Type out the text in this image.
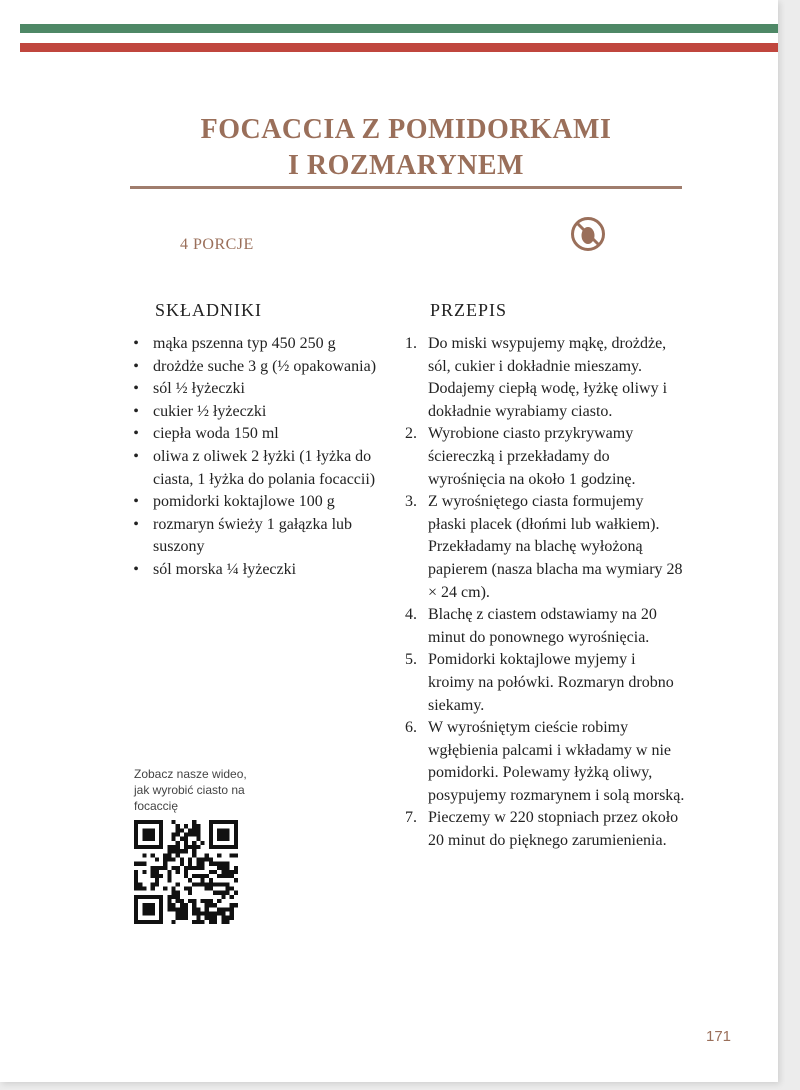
FOCACCIA Z POMIDORKAMI
I ROZMARYNEM
4 PORCJE
SKŁADNIKI	PRZEPIS
• mąka pszenna typ 450 250 g
• drożdże suche 3 g (½ opakowania)
• sól ½ łyżeczki
• cukier ½ łyżeczki
• ciepła woda 150 ml
• oliwa z oliwek 2 łyżki (1 łyżka do ciasta, 1 łyżka do polania focaccii)
• pomidorki koktajlowe 100 g
• rozmaryn świeży 1 gałązka lub suszony
• sól morska ¼ łyżeczki
1. Do miski wsypujemy mąkę, drożdże, sól, cukier i dokładnie mieszamy. Dodajemy ciepłą wodę, łyżkę oliwy i dokładnie wyrabiamy ciasto.
2. Wyrobione ciasto przykrywamy ściereczką i przekładamy do wyrośnięcia na około 1 godzinę.
3. Z wyrośniętego ciasta formujemy płaski placek (dłońmi lub wałkiem). Przekładamy na blachę wyłożoną papierem (nasza blacha ma wymiary 28 × 24 cm).
4. Blachę z ciastem odstawiamy na 20 minut do ponownego wyrośnięcia.
5. Pomidorki koktajlowe myjemy i kroimy na połówki. Rozmaryn drobno siekamy.
6. W wyrośniętym cieście robimy wgłębienia palcami i wkładamy w nie pomidorki. Polewamy łyżką oliwy, posypujemy rozmarynem i solą morską.
7. Pieczemy w 220 stopniach przez około 20 minut do pięknego zarumienienia.
Zobacz nasze wideo, jak wyrobić ciasto na focaccię
171
